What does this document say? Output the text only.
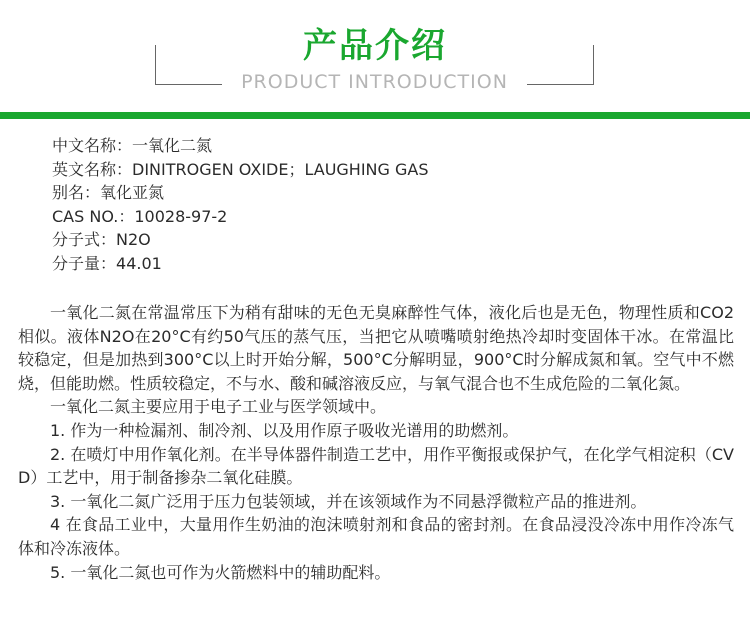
产品介绍
PRODUCT INTRODUCTION
中文名称：一氧化二氮
英文名称：DINITROGEN OXIDE；LAUGHING GAS
别名：氧化亚氮
CAS NO.：10028-97-2
分子式：N2O
分子量：44.01

一氧化二氮在常温常压下为稍有甜味的无色无臭麻醉性气体，液化后也是无色，物理性质和CO2相似。液体N2O在20°C有约50气压的蒸气压，当把它从喷嘴喷射绝热冷却时变固体干冰。在常温比较稳定，但是加热到300°C以上时开始分解，500°C分解明显，900°C时分解成氮和氧。空气中不燃烧，但能助燃。性质较稳定，不与水、酸和碱溶液反应，与氧气混合也不生成危险的二氧化氮。

一氧化二氮主要应用于电子工业与医学领域中。

1. 作为一种检漏剂、制冷剂、以及用作原子吸收光谱用的助燃剂。

2. 在喷灯中用作氧化剂。在半导体器件制造工艺中，用作平衡报或保护气，在化学气相淀积（CVD）工艺中，用于制备掺杂二氧化硅膜。

3. 一氧化二氮广泛用于压力包装领域，并在该领域作为不同悬浮微粒产品的推进剂。

4 在食品工业中，大量用作生奶油的泡沫喷射剂和食品的密封剂。在食品浸没冷冻中用作冷冻气体和冷冻液体。

5. 一氧化二氮也可作为火箭燃料中的辅助配料。
